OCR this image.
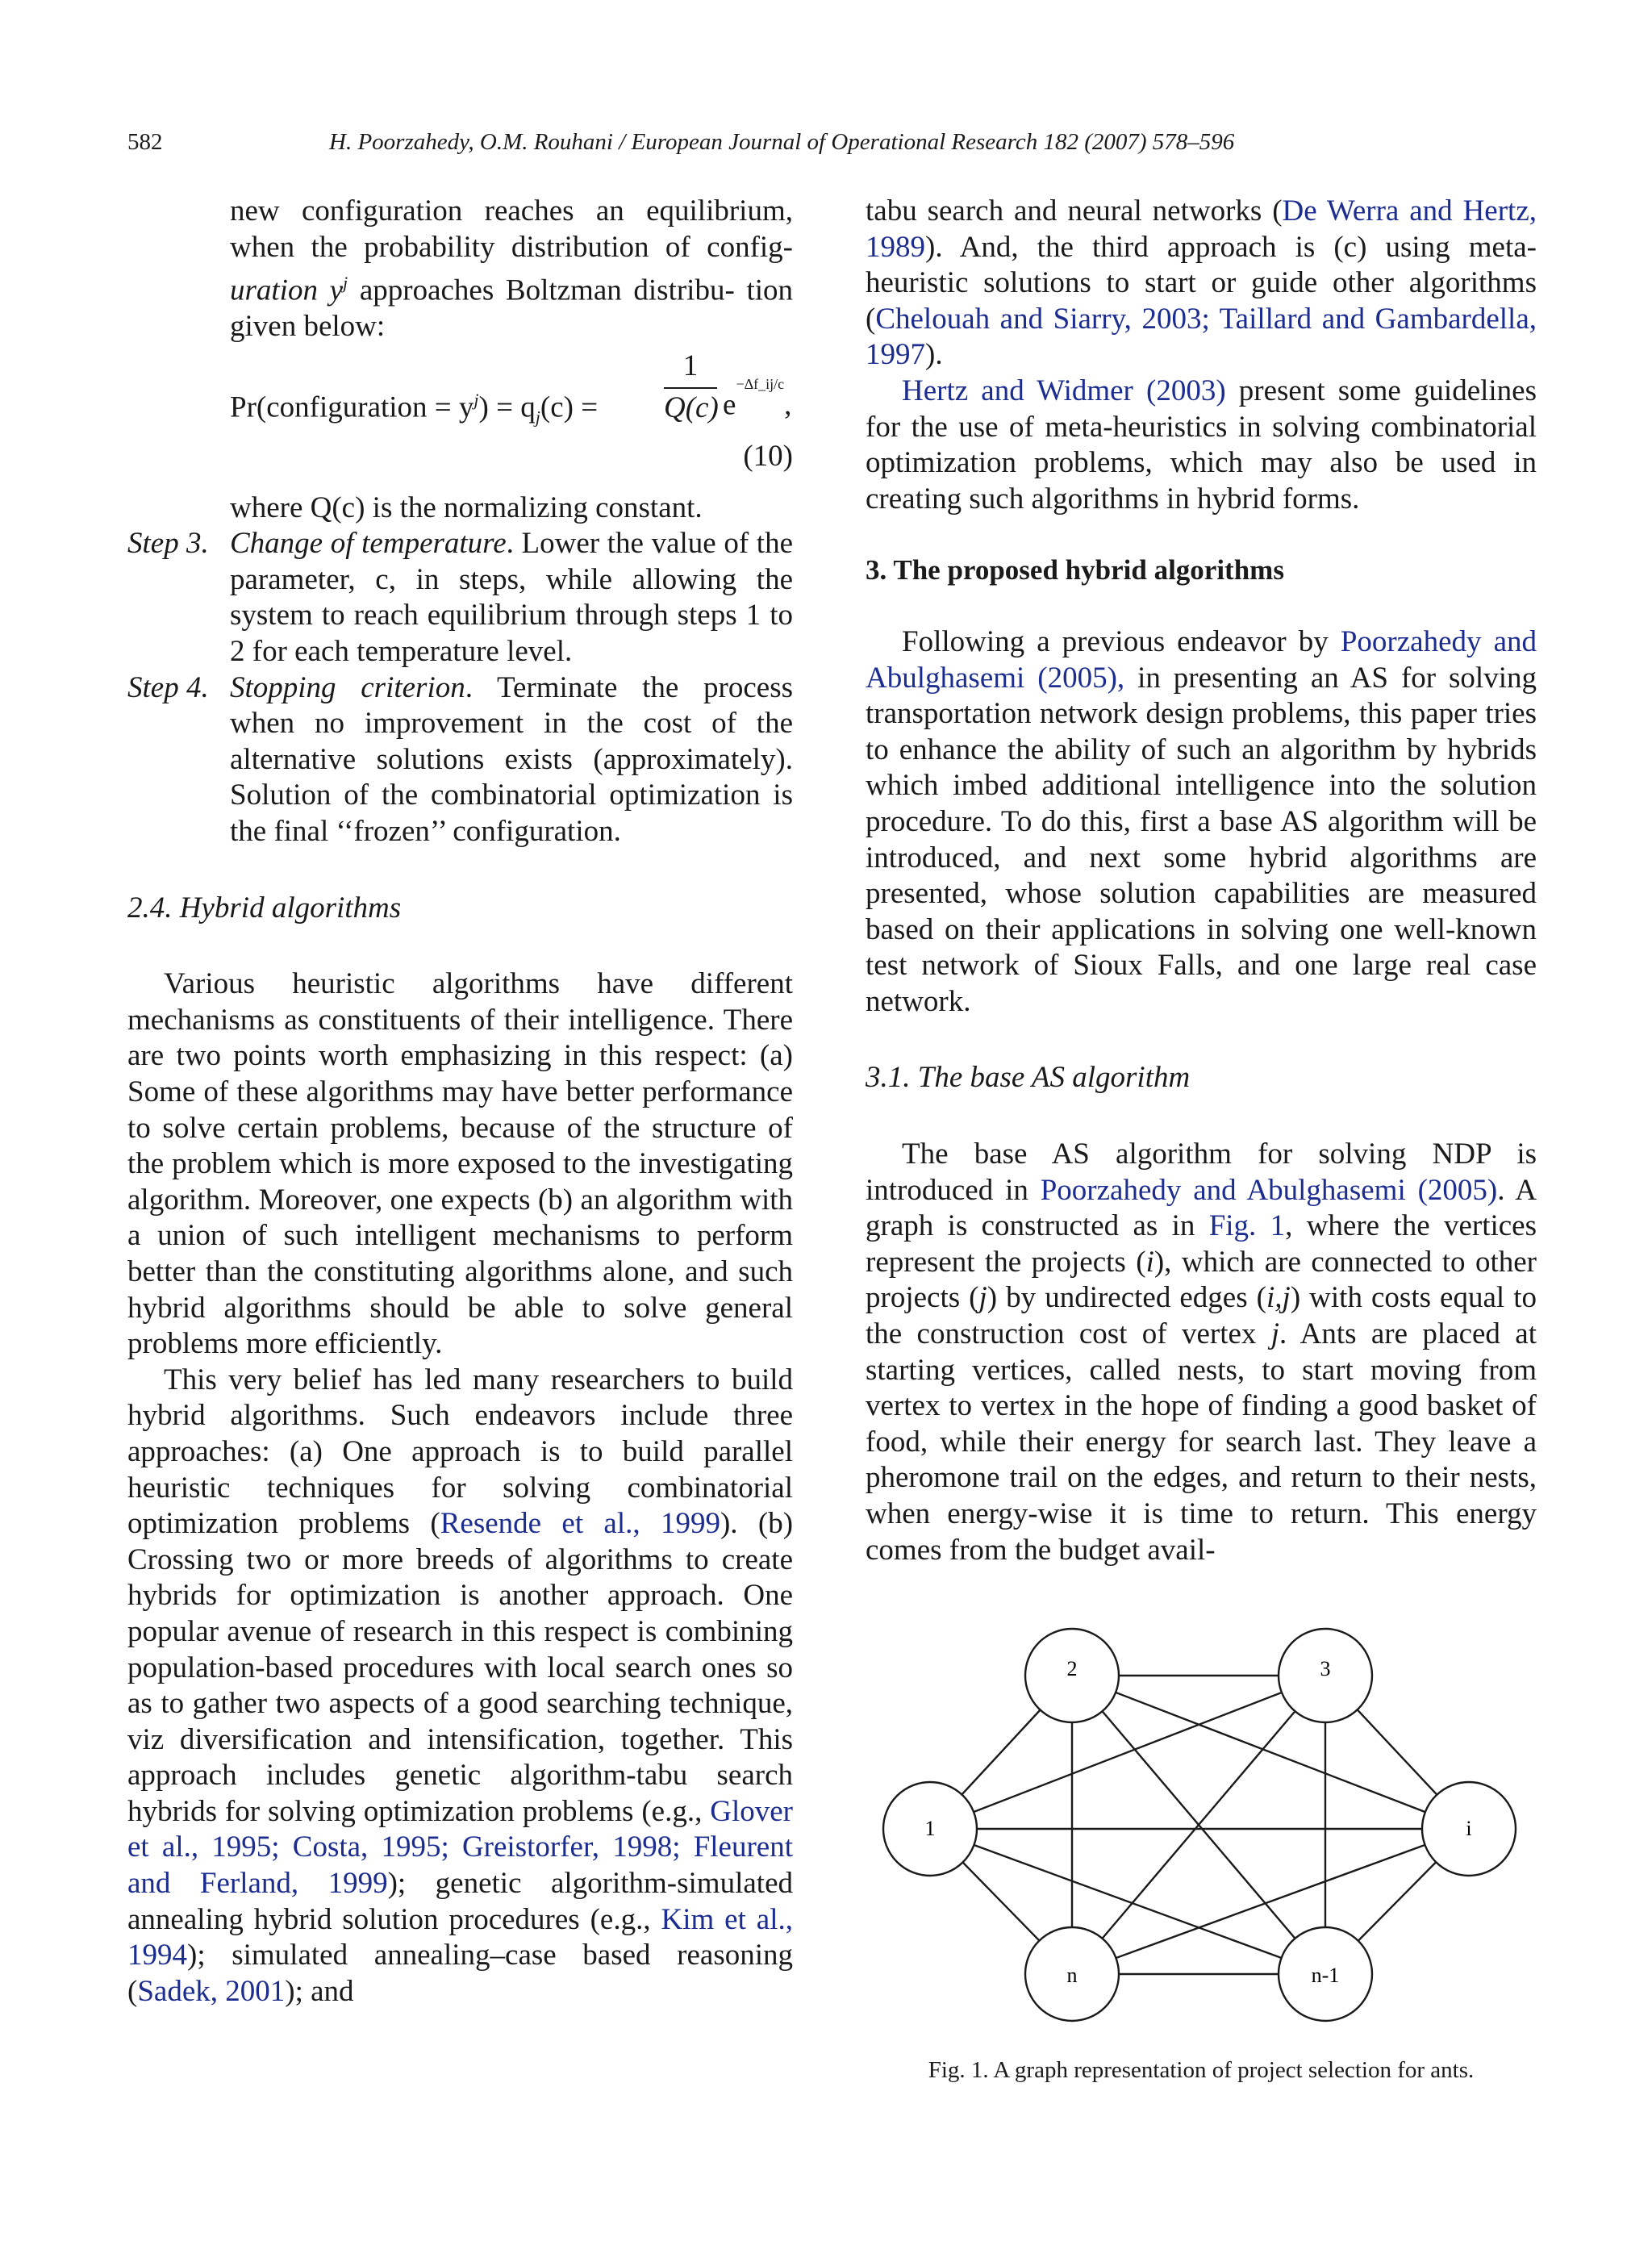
582	H. Poorzahedy, O.M. Rouhani / European Journal of Operational Research 182 (2007) 578–596

new configuration reaches an equilibrium, when the probability distribution of config- uration $y^j$ approaches Boltzman distribu- tion given below:

Pr(configuration = $y^j) = q_j(c)$ =
1
Q(c) $e^{-\Delta f\_ij/c}$,
(10)

where Q(c) is the normalizing constant.

Step 3. Change of temperature. Lower the value of the parameter, c, in steps, while allowing the system to reach equilibrium through steps 1 to 2 for each temperature level.

Step 4. Stopping criterion. Terminate the process when no improvement in the cost of the alternative solutions exists (approximately). Solution of the combinatorial optimization is the final ‘‘frozen’’ configuration.

2.4. Hybrid algorithms

Various heuristic algorithms have different mechanisms as constituents of their intelligence. There are two points worth emphasizing in this respect: (a) Some of these algorithms may have better performance to solve certain problems, because of the structure of the problem which is more exposed to the investigating algorithm. Moreover, one expects (b) an algorithm with a union of such intelligent mechanisms to perform better than the constituting algorithms alone, and such hybrid algorithms should be able to solve general problems more efficiently.

This very belief has led many researchers to build hybrid algorithms. Such endeavors include three approaches: (a) One approach is to build parallel heuristic techniques for solving combinatorial optimization problems (Resende et al., 1999). (b) Crossing two or more breeds of algorithms to create hybrids for optimization is another approach. One popular avenue of research in this respect is combining population-based procedures with local search ones so as to gather two aspects of a good searching technique, viz diversification and intensification, together. This approach includes genetic algorithm-tabu search hybrids for solving optimization problems (e.g., Glover et al., 1995; Costa, 1995; Greistorfer, 1998; Fleurent and Ferland, 1999); genetic algorithm-simulated annealing hybrid solution procedures (e.g., Kim et al., 1994); simulated annealing–case based reasoning (Sadek, 2001); and

tabu search and neural networks (De Werra and Hertz, 1989). And, the third approach is (c) using meta-heuristic solutions to start or guide other algorithms (Chelouah and Siarry, 2003; Taillard and Gambardella, 1997).

Hertz and Widmer (2003) present some guidelines for the use of meta-heuristics in solving combinatorial optimization problems, which may also be used in creating such algorithms in hybrid forms.

3. The proposed hybrid algorithms

Following a previous endeavor by Poorzahedy and Abulghasemi (2005), in presenting an AS for solving transportation network design problems, this paper tries to enhance the ability of such an algorithm by hybrids which imbed additional intelligence into the solution procedure. To do this, first a base AS algorithm will be introduced, and next some hybrid algorithms are presented, whose solution capabilities are measured based on their applications in solving one well-known test network of Sioux Falls, and one large real case network.

3.1. The base AS algorithm

The base AS algorithm for solving NDP is introduced in Poorzahedy and Abulghasemi (2005). A graph is constructed as in Fig. 1, where the vertices represent the projects (i), which are connected to other projects (j) by undirected edges (i,j) with costs equal to the construction cost of vertex j. Ants are placed at starting vertices, called nests, to start moving from vertex to vertex in the hope of finding a good basket of food, while their energy for search last. They leave a pheromone trail on the edges, and return to their nests, when energy-wise it is time to return. This energy comes from the budget avail-

2	3
1	i
n	n-1
Fig. 1. A graph representation of project selection for ants.
